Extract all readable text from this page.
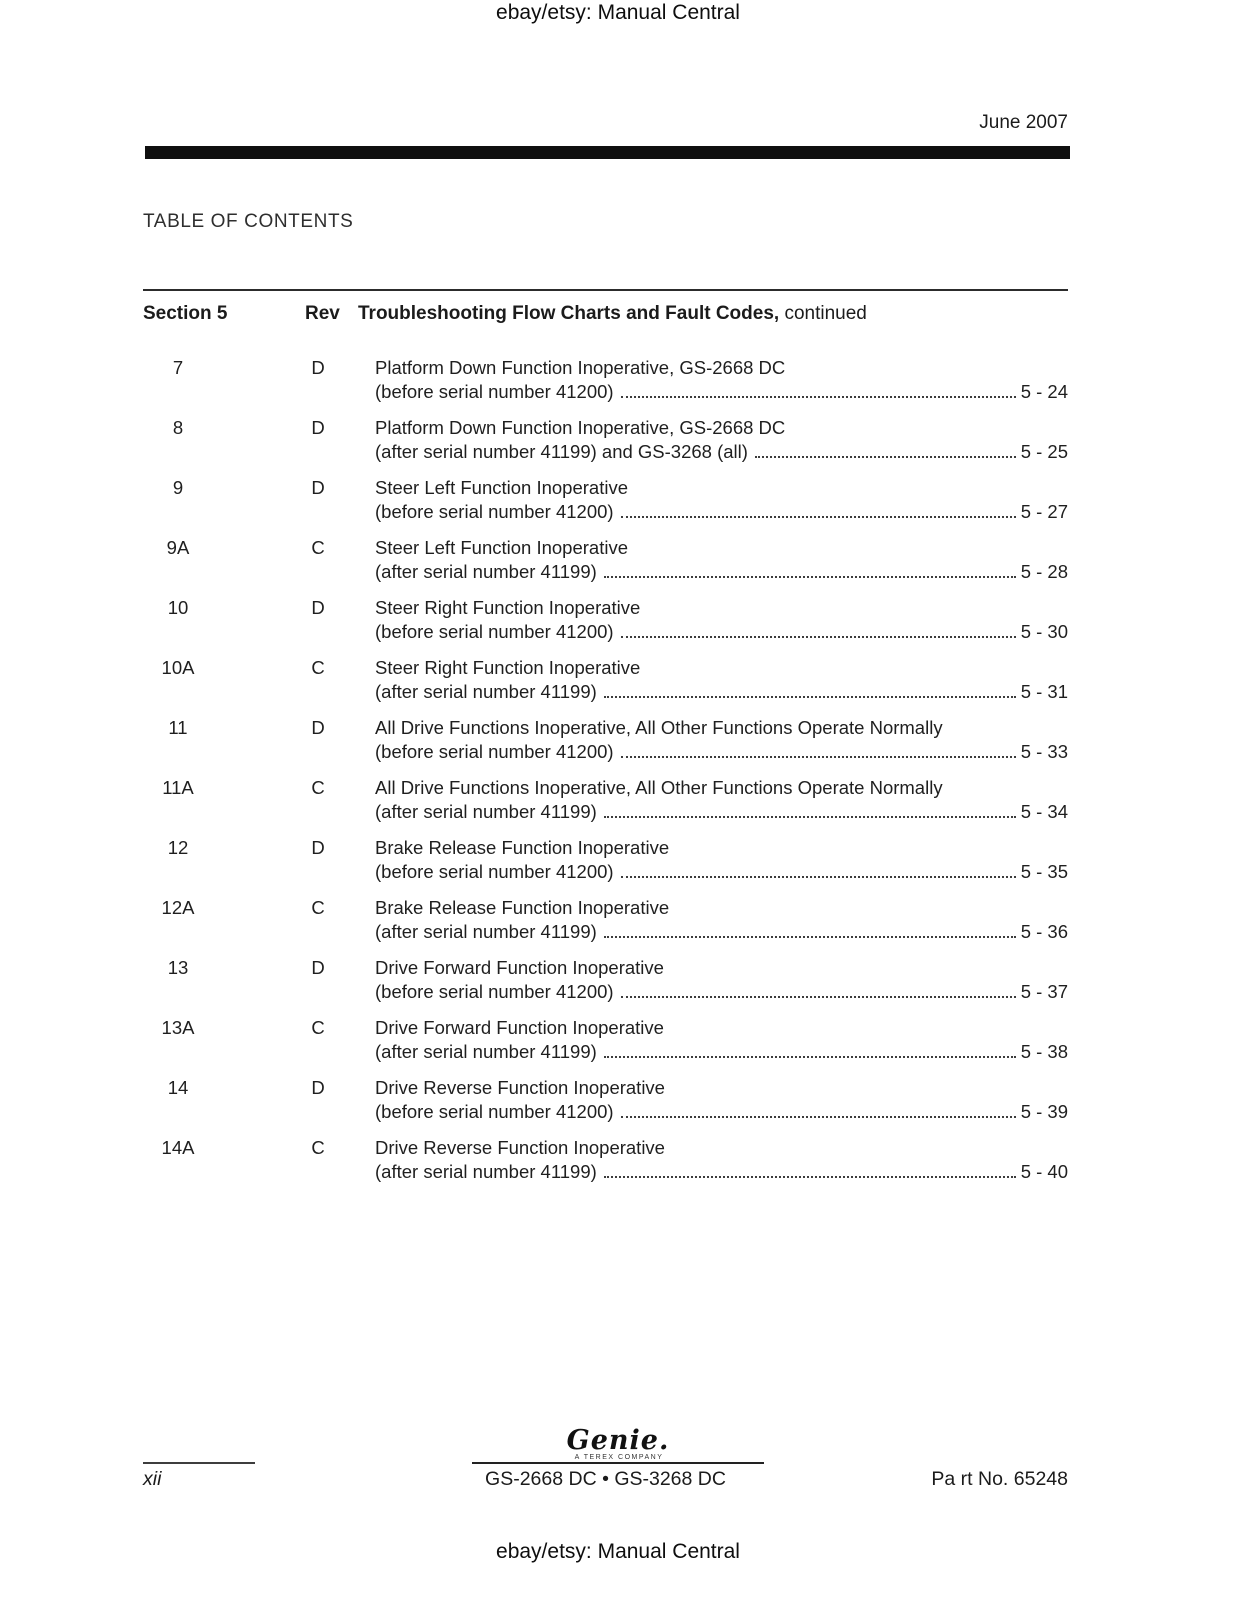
ebay/etsy: Manual Central
June 2007
TABLE OF CONTENTS
Section 5	Rev Troubleshooting Flow Charts and Fault Codes, continued
7	D	Platform Down Function Inoperative, GS-2668 DC
(before serial number 41200)	5 - 24
8	D	Platform Down Function Inoperative, GS-2668 DC
(after serial number 41199) and GS-3268 (all)	5 - 25
9	D	Steer Left Function Inoperative
(before serial number 41200)	5 - 27
9A	C	Steer Left Function Inoperative
(after serial number 41199)	5 - 28
10	D	Steer Right Function Inoperative
(before serial number 41200)	5 - 30
10A	C	Steer Right Function Inoperative
(after serial number 41199)	5 - 31
11	D	All Drive Functions Inoperative, All Other Functions Operate Normally
(before serial number 41200)	5 - 33
11A	C	All Drive Functions Inoperative, All Other Functions Operate Normally
(after serial number 41199)	5 - 34
12	D	Brake Release Function Inoperative
(before serial number 41200)	5 - 35
12A	C	Brake Release Function Inoperative
(after serial number 41199)	5 - 36
13	D	Drive Forward Function Inoperative
(before serial number 41200)	5 - 37
13A	C	Drive Forward Function Inoperative
(after serial number 41199)	5 - 38
14	D	Drive Reverse Function Inoperative
(before serial number 41200)	5 - 39
14A	C	Drive Reverse Function Inoperative
(after serial number 41199)	5 - 40
Genie.
A TEREX COMPANY
xii	GS-2668 DC • GS-3268 DC	Pa rt No. 65248
ebay/etsy: Manual Central
